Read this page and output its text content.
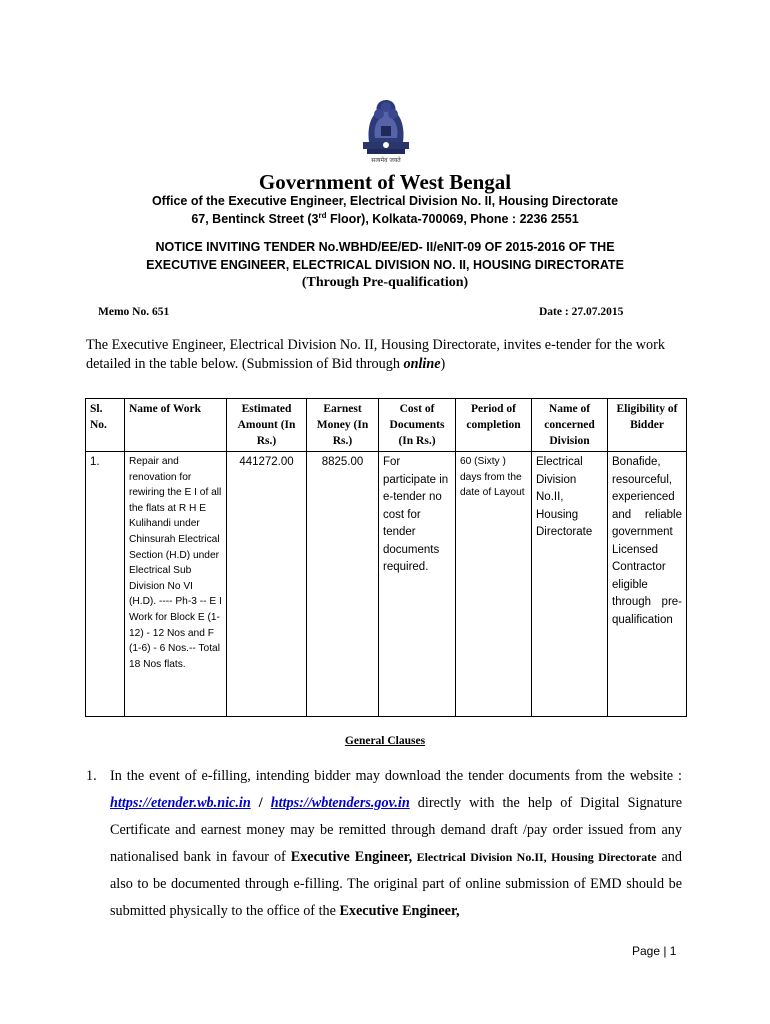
सत्यमेव जयते
Government of West Bengal
Office of the Executive Engineer, Electrical Division No. II, Housing Directorate
67, Bentinck Street (3rd Floor), Kolkata-700069, Phone : 2236 2551
NOTICE INVITING TENDER No.WBHD/EE/ED- II/eNIT-09 OF 2015-2016 OF THE
EXECUTIVE ENGINEER, ELECTRICAL DIVISION NO. II, HOUSING DIRECTORATE
(Through Pre-qualification)
Memo No. 651	Date : 27.07.2015
The Executive Engineer, Electrical Division No. II, Housing Directorate, invites e-tender for the work detailed in the table below. (Submission of Bid through online)
Sl. No.	Name of Work	Estimated Amount (In Rs.)	Earnest Money (In Rs.)	Cost of Documents (In Rs.)	Period of completion	Name of concerned Division	Eligibility of Bidder
1.	Repair and renovation for rewiring the E I of all the flats at R H E Kulihandi under Chinsurah Electrical Section (H.D) under Electrical Sub Division No VI (H.D). ---- Ph-3 -- E I Work for Block E (1-12) - 12 Nos and F (1-6) - 6 Nos.-- Total 18 Nos flats.	441272.00	8825.00	For participate in e-tender no cost for tender documents required.	60 (Sixty ) days from the date of Layout	Electrical Division No.II, Housing Directorate	Bonafide, resourceful, experienced and reliable government Licensed Contractor eligible through pre-qualification
General Clauses
1. In the event of e-filling, intending bidder may download the tender documents from the website : https://etender.wb.nic.in / https://wbtenders.gov.in directly with the help of Digital Signature Certificate and earnest money may be remitted through demand draft /pay order issued from any nationalised bank in favour of Executive Engineer, Electrical Division No.II, Housing Directorate and also to be documented through e-filling. The original part of online submission of EMD should be submitted physically to the office of the Executive Engineer,
Page | 1
